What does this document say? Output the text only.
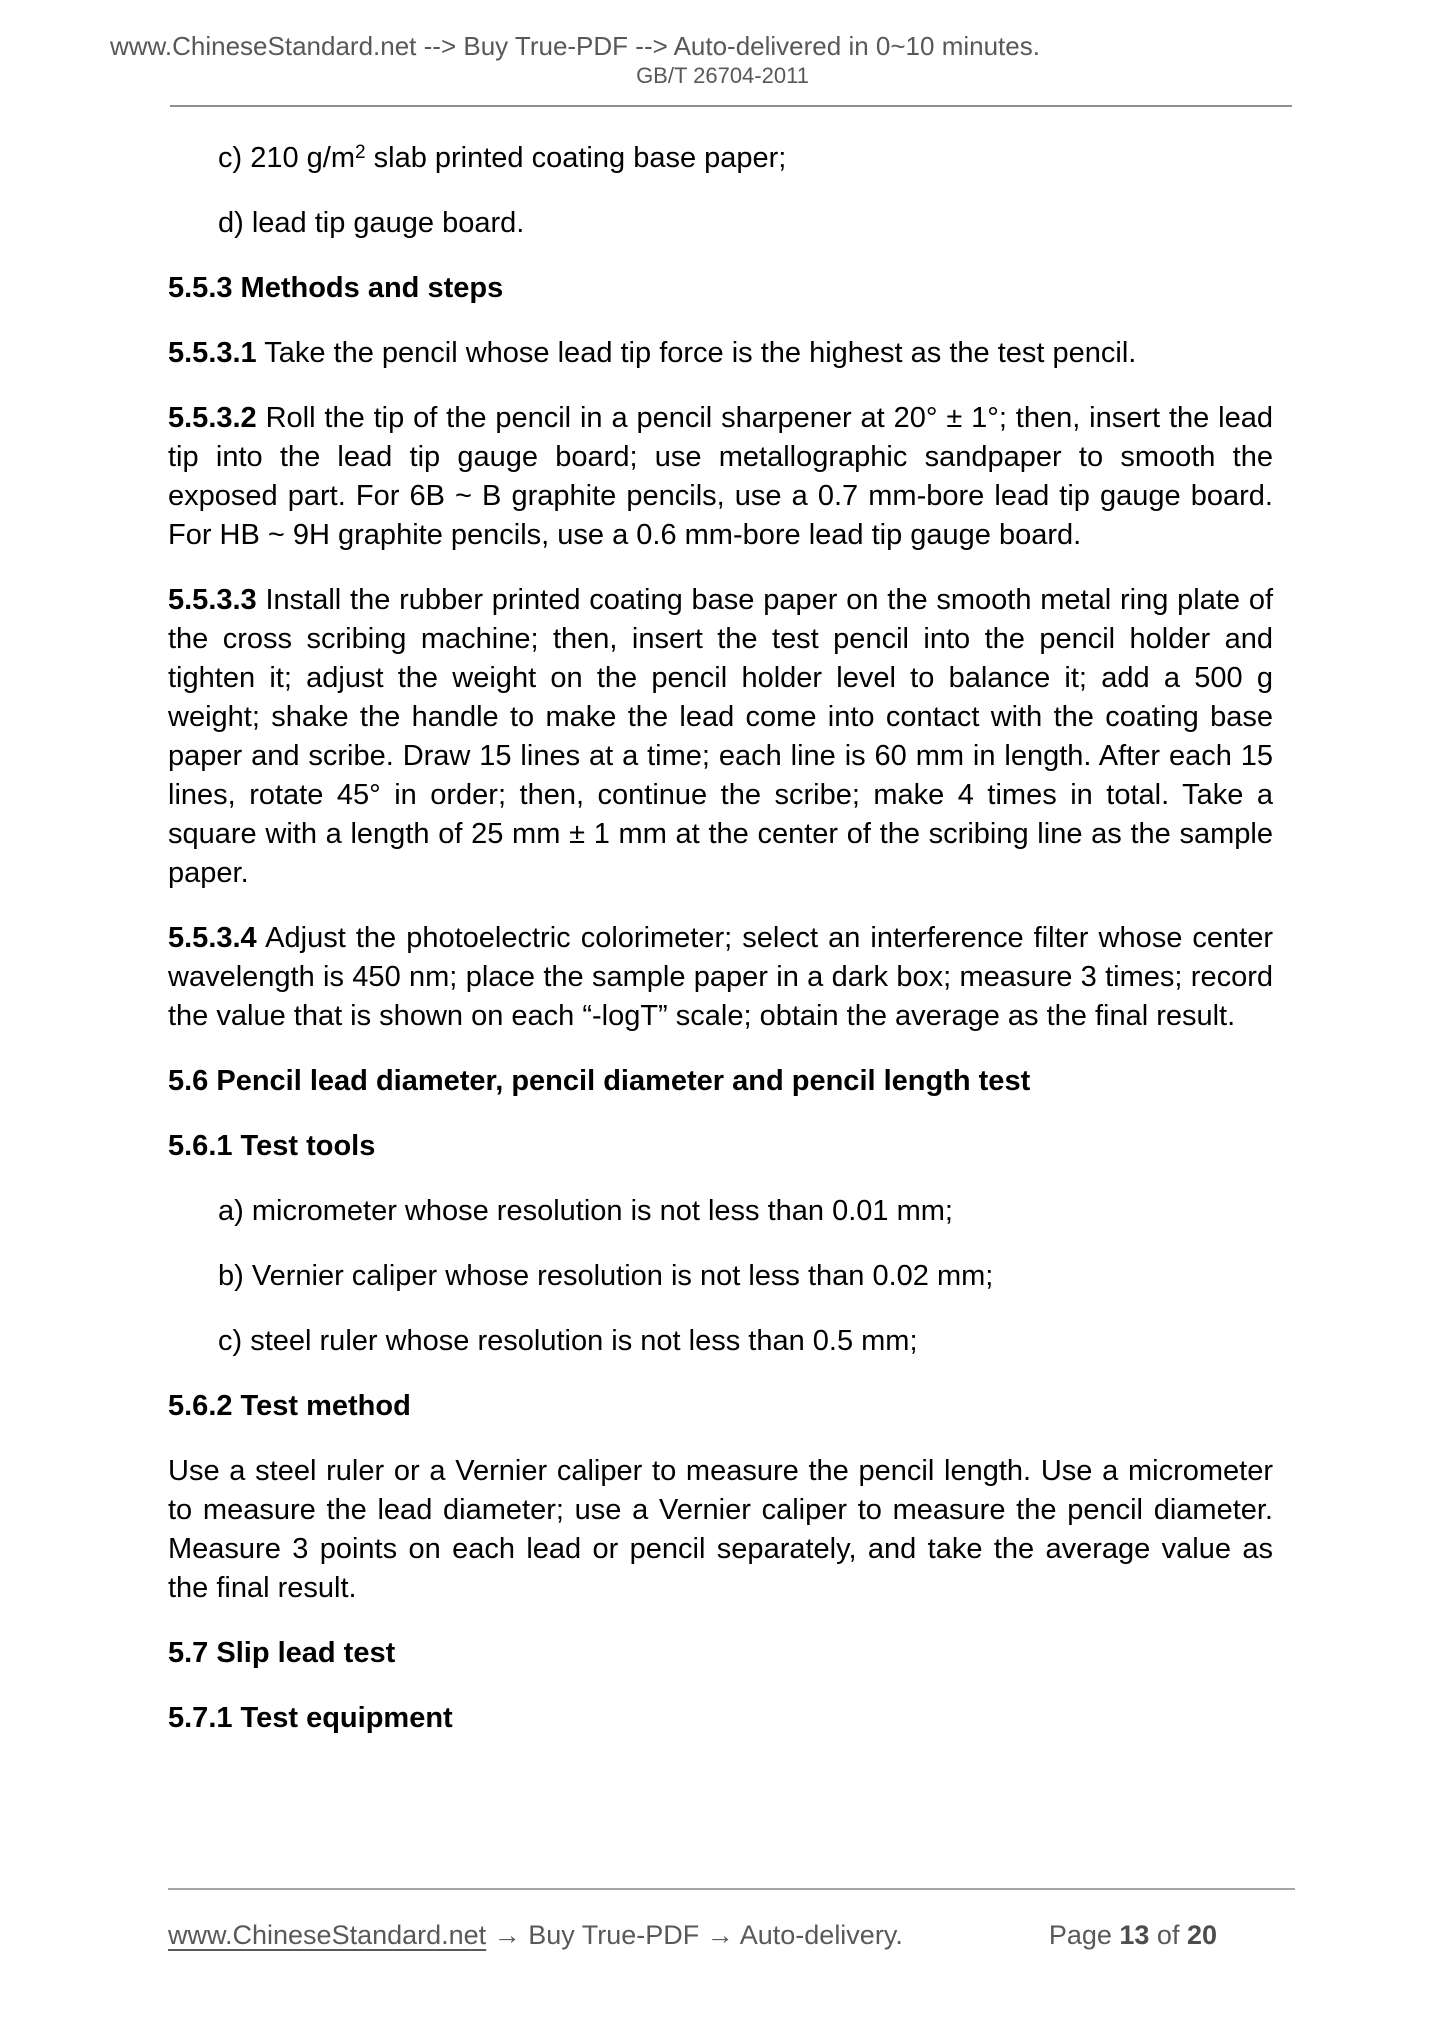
www.ChineseStandard.net --> Buy True-PDF --> Auto-delivered in 0~10 minutes.
GB/T 26704-2011

c) 210 $g/m^2$ slab printed coating base paper;

d) lead tip gauge board.

5.5.3 Methods and steps

5.5.3.1 Take the pencil whose lead tip force is the highest as the test pencil.

5.5.3.2 Roll the tip of the pencil in a pencil sharpener at 20° ± 1°; then, insert the lead tip into the lead tip gauge board; use metallographic sandpaper to smooth the exposed part. For 6B ~ B graphite pencils, use a 0.7 mm-bore lead tip gauge board. For HB ~ 9H graphite pencils, use a 0.6 mm-bore lead tip gauge board.

5.5.3.3 Install the rubber printed coating base paper on the smooth metal ring plate of the cross scribing machine; then, insert the test pencil into the pencil holder and tighten it; adjust the weight on the pencil holder level to balance it; add a 500 g weight; shake the handle to make the lead come into contact with the coating base paper and scribe. Draw 15 lines at a time; each line is 60 mm in length. After each 15 lines, rotate 45° in order; then, continue the scribe; make 4 times in total. Take a square with a length of 25 mm ± 1 mm at the center of the scribing line as the sample paper.

5.5.3.4 Adjust the photoelectric colorimeter; select an interference filter whose center wavelength is 450 nm; place the sample paper in a dark box; measure 3 times; record the value that is shown on each “-logT” scale; obtain the average as the final result.

5.6 Pencil lead diameter, pencil diameter and pencil length test

5.6.1 Test tools

a) micrometer whose resolution is not less than 0.01 mm;

b) Vernier caliper whose resolution is not less than 0.02 mm;

c) steel ruler whose resolution is not less than 0.5 mm;

5.6.2 Test method

Use a steel ruler or a Vernier caliper to measure the pencil length. Use a micrometer to measure the lead diameter; use a Vernier caliper to measure the pencil diameter. Measure 3 points on each lead or pencil separately, and take the average value as the final result.

5.7 Slip lead test

5.7.1 Test equipment

www.ChineseStandard.net → Buy True-PDF → Auto-delivery.	Page 13 of 20
